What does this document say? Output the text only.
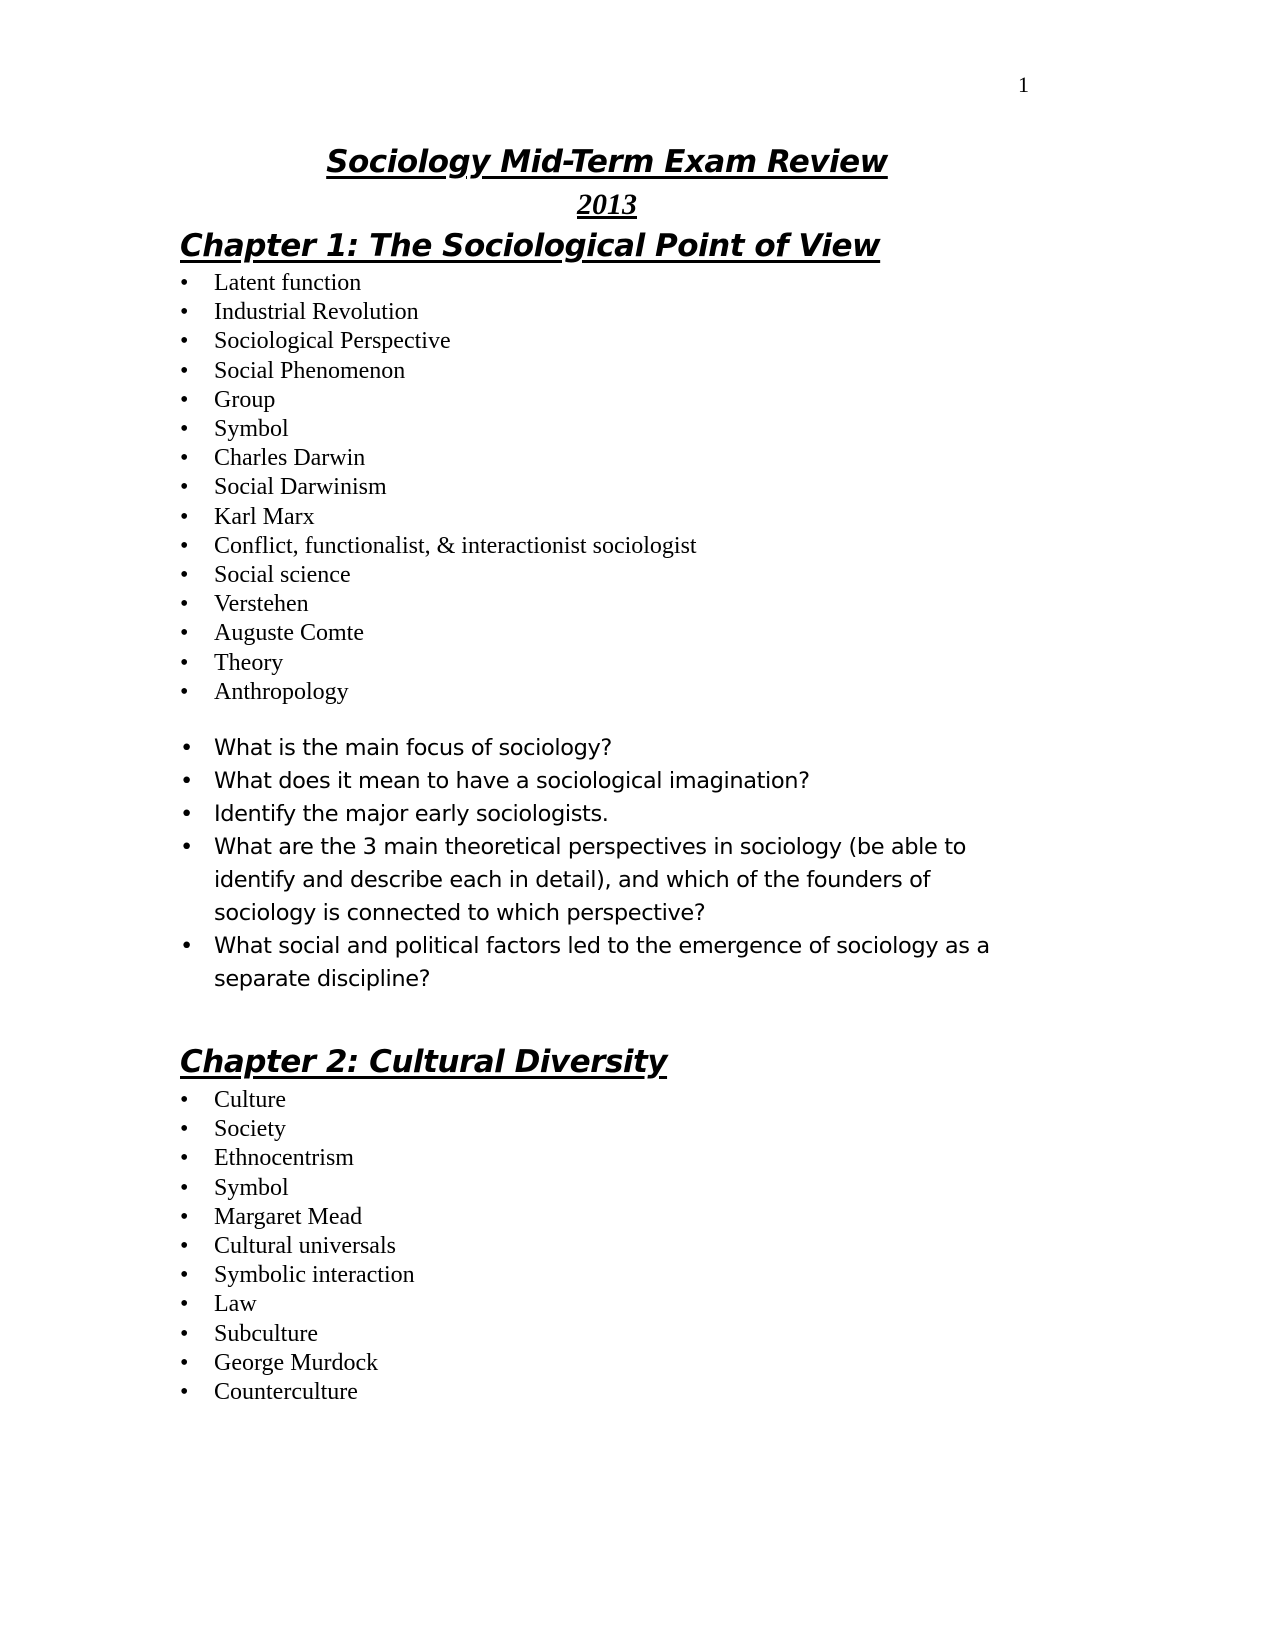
1
Sociology Mid-Term Exam Review
2013
Chapter 1: The Sociological Point of View
• Latent function
• Industrial Revolution
• Sociological Perspective
• Social Phenomenon
• Group
• Symbol
• Charles Darwin
• Social Darwinism
• Karl Marx
• Conflict, functionalist, & interactionist sociologist
• Social science
• Verstehen
• Auguste Comte
• Theory
• Anthropology
• What is the main focus of sociology?
• What does it mean to have a sociological imagination?
• Identify the major early sociologists.
• What are the 3 main theoretical perspectives in sociology (be able to identify and describe each in detail), and which of the founders of sociology is connected to which perspective?
• What social and political factors led to the emergence of sociology as a separate discipline?
Chapter 2: Cultural Diversity
• Culture
• Society
• Ethnocentrism
• Symbol
• Margaret Mead
• Cultural universals
• Symbolic interaction
• Law
• Subculture
• George Murdock
• Counterculture
